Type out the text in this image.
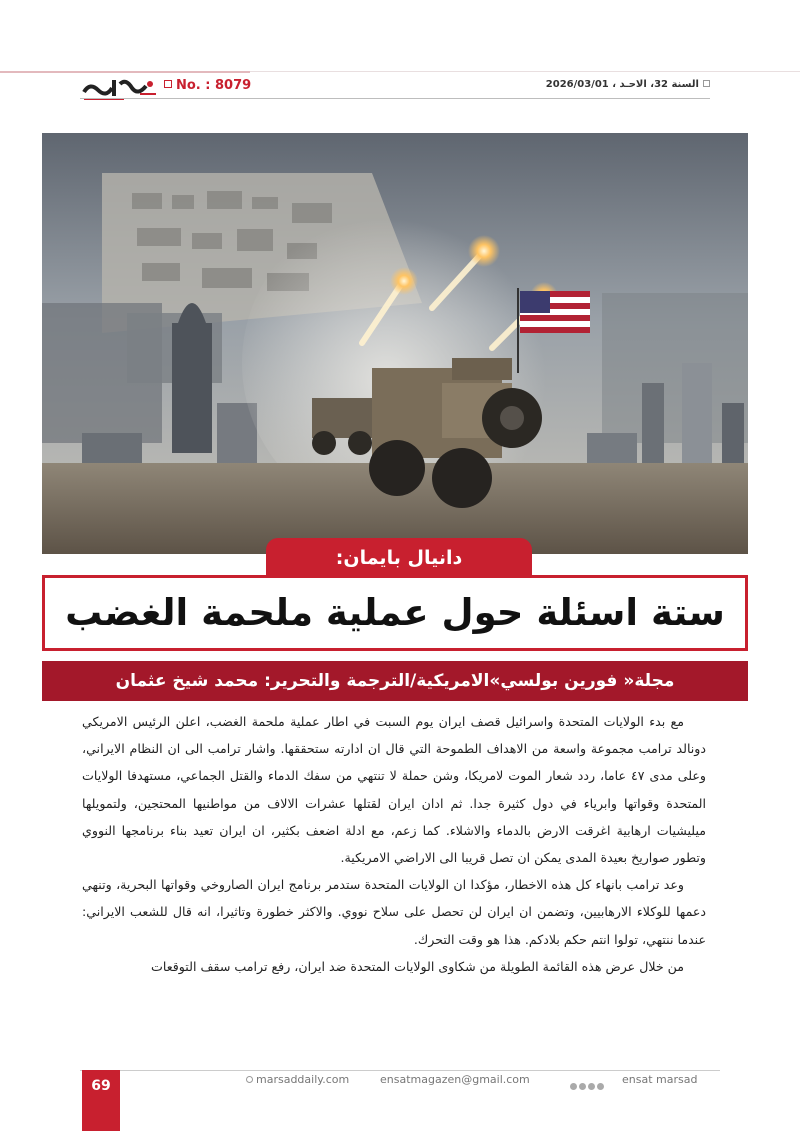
No. : 8079	السنة 32، الاحـد ، 2026/03/01
دانيال بايمان:
ستة اسئلة حول عملية ملحمة الغضب
مجلة« فورين بولسي»الامريكية/الترجمة والتحرير: محمد شيخ عثمان

مع بدء الولايات المتحدة واسرائيل قصف ايران يوم السبت في اطار عملية ملحمة الغضب، اعلن الرئيس الامريكي دونالد ترامب مجموعة واسعة من الاهداف الطموحة التي قال ان ادارته ستحققها. واشار ترامب الى ان النظام الايراني، وعلى مدى ٤٧ عاما، ردد شعار الموت لامريكا، وشن حملة لا تنتهي من سفك الدماء والقتل الجماعي، مستهدفا الولايات المتحدة وقواتها وابرياء في دول كثيرة جدا. ثم ادان ايران لقتلها عشرات الالاف من مواطنيها المحتجين، ولتمويلها ميليشيات ارهابية اغرقت الارض بالدماء والاشلاء. كما زعم، مع ادلة اضعف بكثير، ان ايران تعيد بناء برنامجها النووي وتطور صواريخ بعيدة المدى يمكن ان تصل قريبا الى الاراضي الامريكية.

وعد ترامب بانهاء كل هذه الاخطار، مؤكدا ان الولايات المتحدة ستدمر برنامج ايران الصاروخي وقواتها البحرية، وتنهي دعمها للوكلاء الارهابيين، وتضمن ان ايران لن تحصل على سلاح نووي. والاكثر خطورة وتاثيرا، انه قال للشعب الايراني: عندما ننتهي، تولوا انتم حكم بلادكم. هذا هو وقت التحرك.

من خلال عرض هذه القائمة الطويلة من شكاوى الولايات المتحدة ضد ايران، رفع ترامب سقف التوقعات

69	marsaddaily.com	ensatmagazen@gmail.com	ensat marsad
